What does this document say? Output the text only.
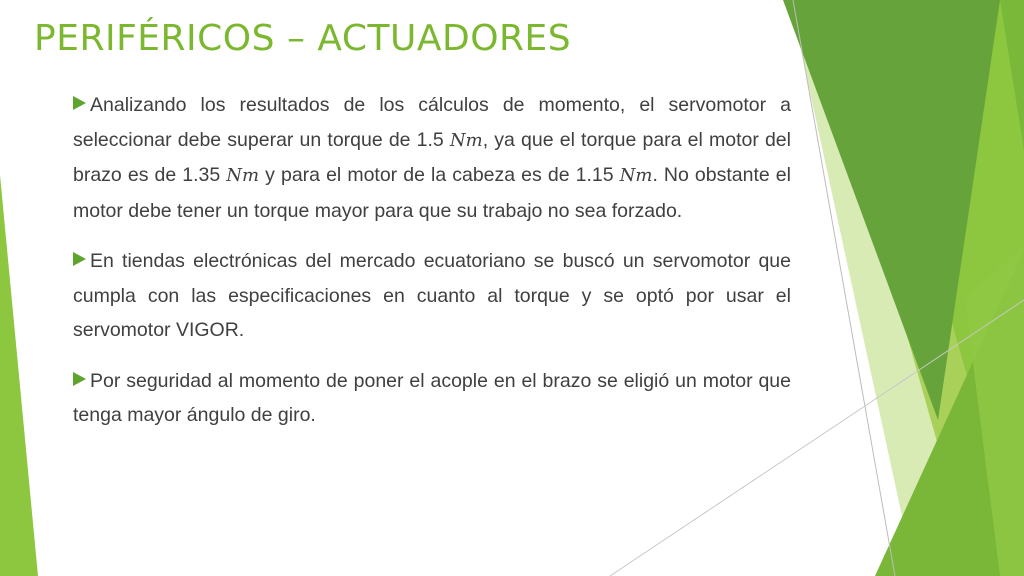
PERIFÉRICOS – ACTUADORES

Analizando los resultados de los cálculos de momento, el servomotor a seleccionar debe superar un torque de 1.5 Nm, ya que el torque para el motor del brazo es de 1.35 Nm y para el motor de la cabeza es de 1.15 Nm. No obstante el motor debe tener un torque mayor para que su trabajo no sea forzado.

En tiendas electrónicas del mercado ecuatoriano se buscó un servomotor que cumpla con las especificaciones en cuanto al torque y se optó por usar el servomotor VIGOR.

Por seguridad al momento de poner el acople en el brazo se eligió un motor que tenga mayor ángulo de giro.
